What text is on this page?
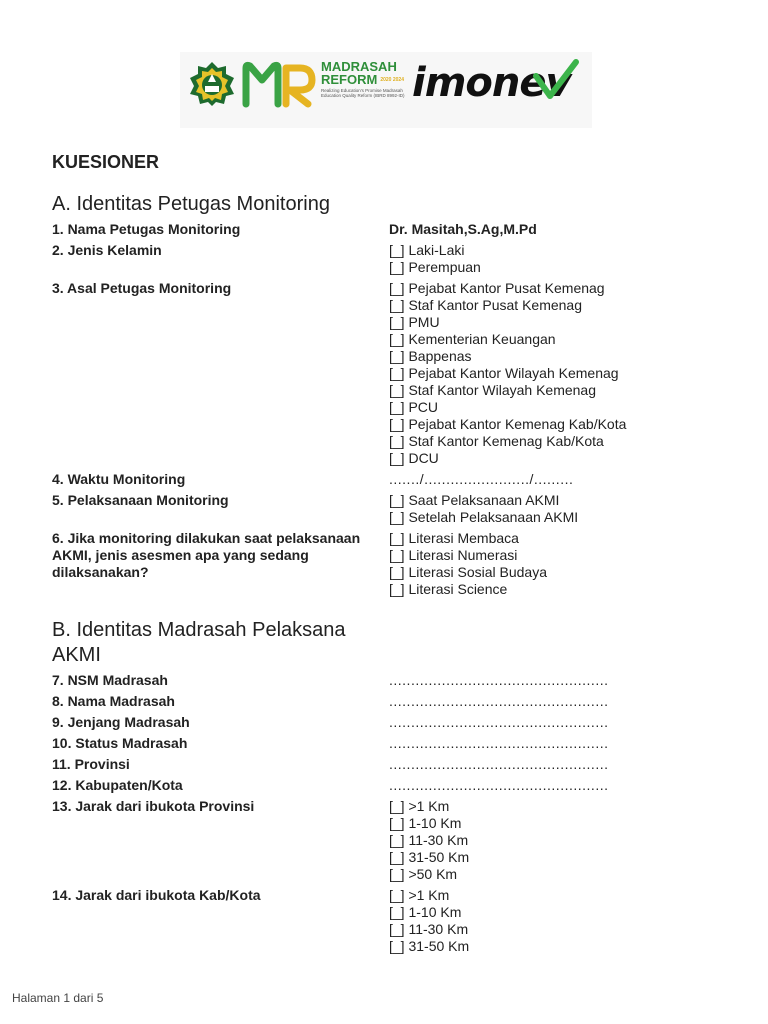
MADRASAH
REFORM 2020 2024
Realizing Education's Promise Madrasah Education Quality Reform (IBRD 8992-ID) imonev
KUESIONER
A. Identitas Petugas Monitoring
1. Nama Petugas Monitoring	Dr. Masitah,S.Ag,M.Pd
2. Jenis Kelamin	[_] Laki-Laki
[_] Perempuan
3. Asal Petugas Monitoring	[_] Pejabat Kantor Pusat Kemenag
[_] Staf Kantor Pusat Kemenag
[_] PMU
[_] Kementerian Keuangan
[_] Bappenas
[_] Pejabat Kantor Wilayah Kemenag
[_] Staf Kantor Wilayah Kemenag
[_] PCU
[_] Pejabat Kantor Kemenag Kab/Kota
[_] Staf Kantor Kemenag Kab/Kota
[_] DCU
4. Waktu Monitoring	......./......................../.........
5. Pelaksanaan Monitoring	[_] Saat Pelaksanaan AKMI
[_] Setelah Pelaksanaan AKMI
6. Jika monitoring dilakukan saat pelaksanaan AKMI, jenis asesmen apa yang sedang dilaksanakan?
[_] Literasi Membaca
[_] Literasi Numerasi
[_] Literasi Sosial Budaya
[_] Literasi Science
B. Identitas Madrasah Pelaksana AKMI
7. NSM Madrasah	..................................................
8. Nama Madrasah	..................................................
9. Jenjang Madrasah	..................................................
10. Status Madrasah	..................................................
11. Provinsi	..................................................
12. Kabupaten/Kota	..................................................
13. Jarak dari ibukota Provinsi	[_] >1 Km
[_] 1-10 Km
[_] 11-30 Km
[_] 31-50 Km
[_] >50 Km
14. Jarak dari ibukota Kab/Kota	[_] >1 Km
[_] 1-10 Km
[_] 11-30 Km
[_] 31-50 Km
Halaman 1 dari 5
